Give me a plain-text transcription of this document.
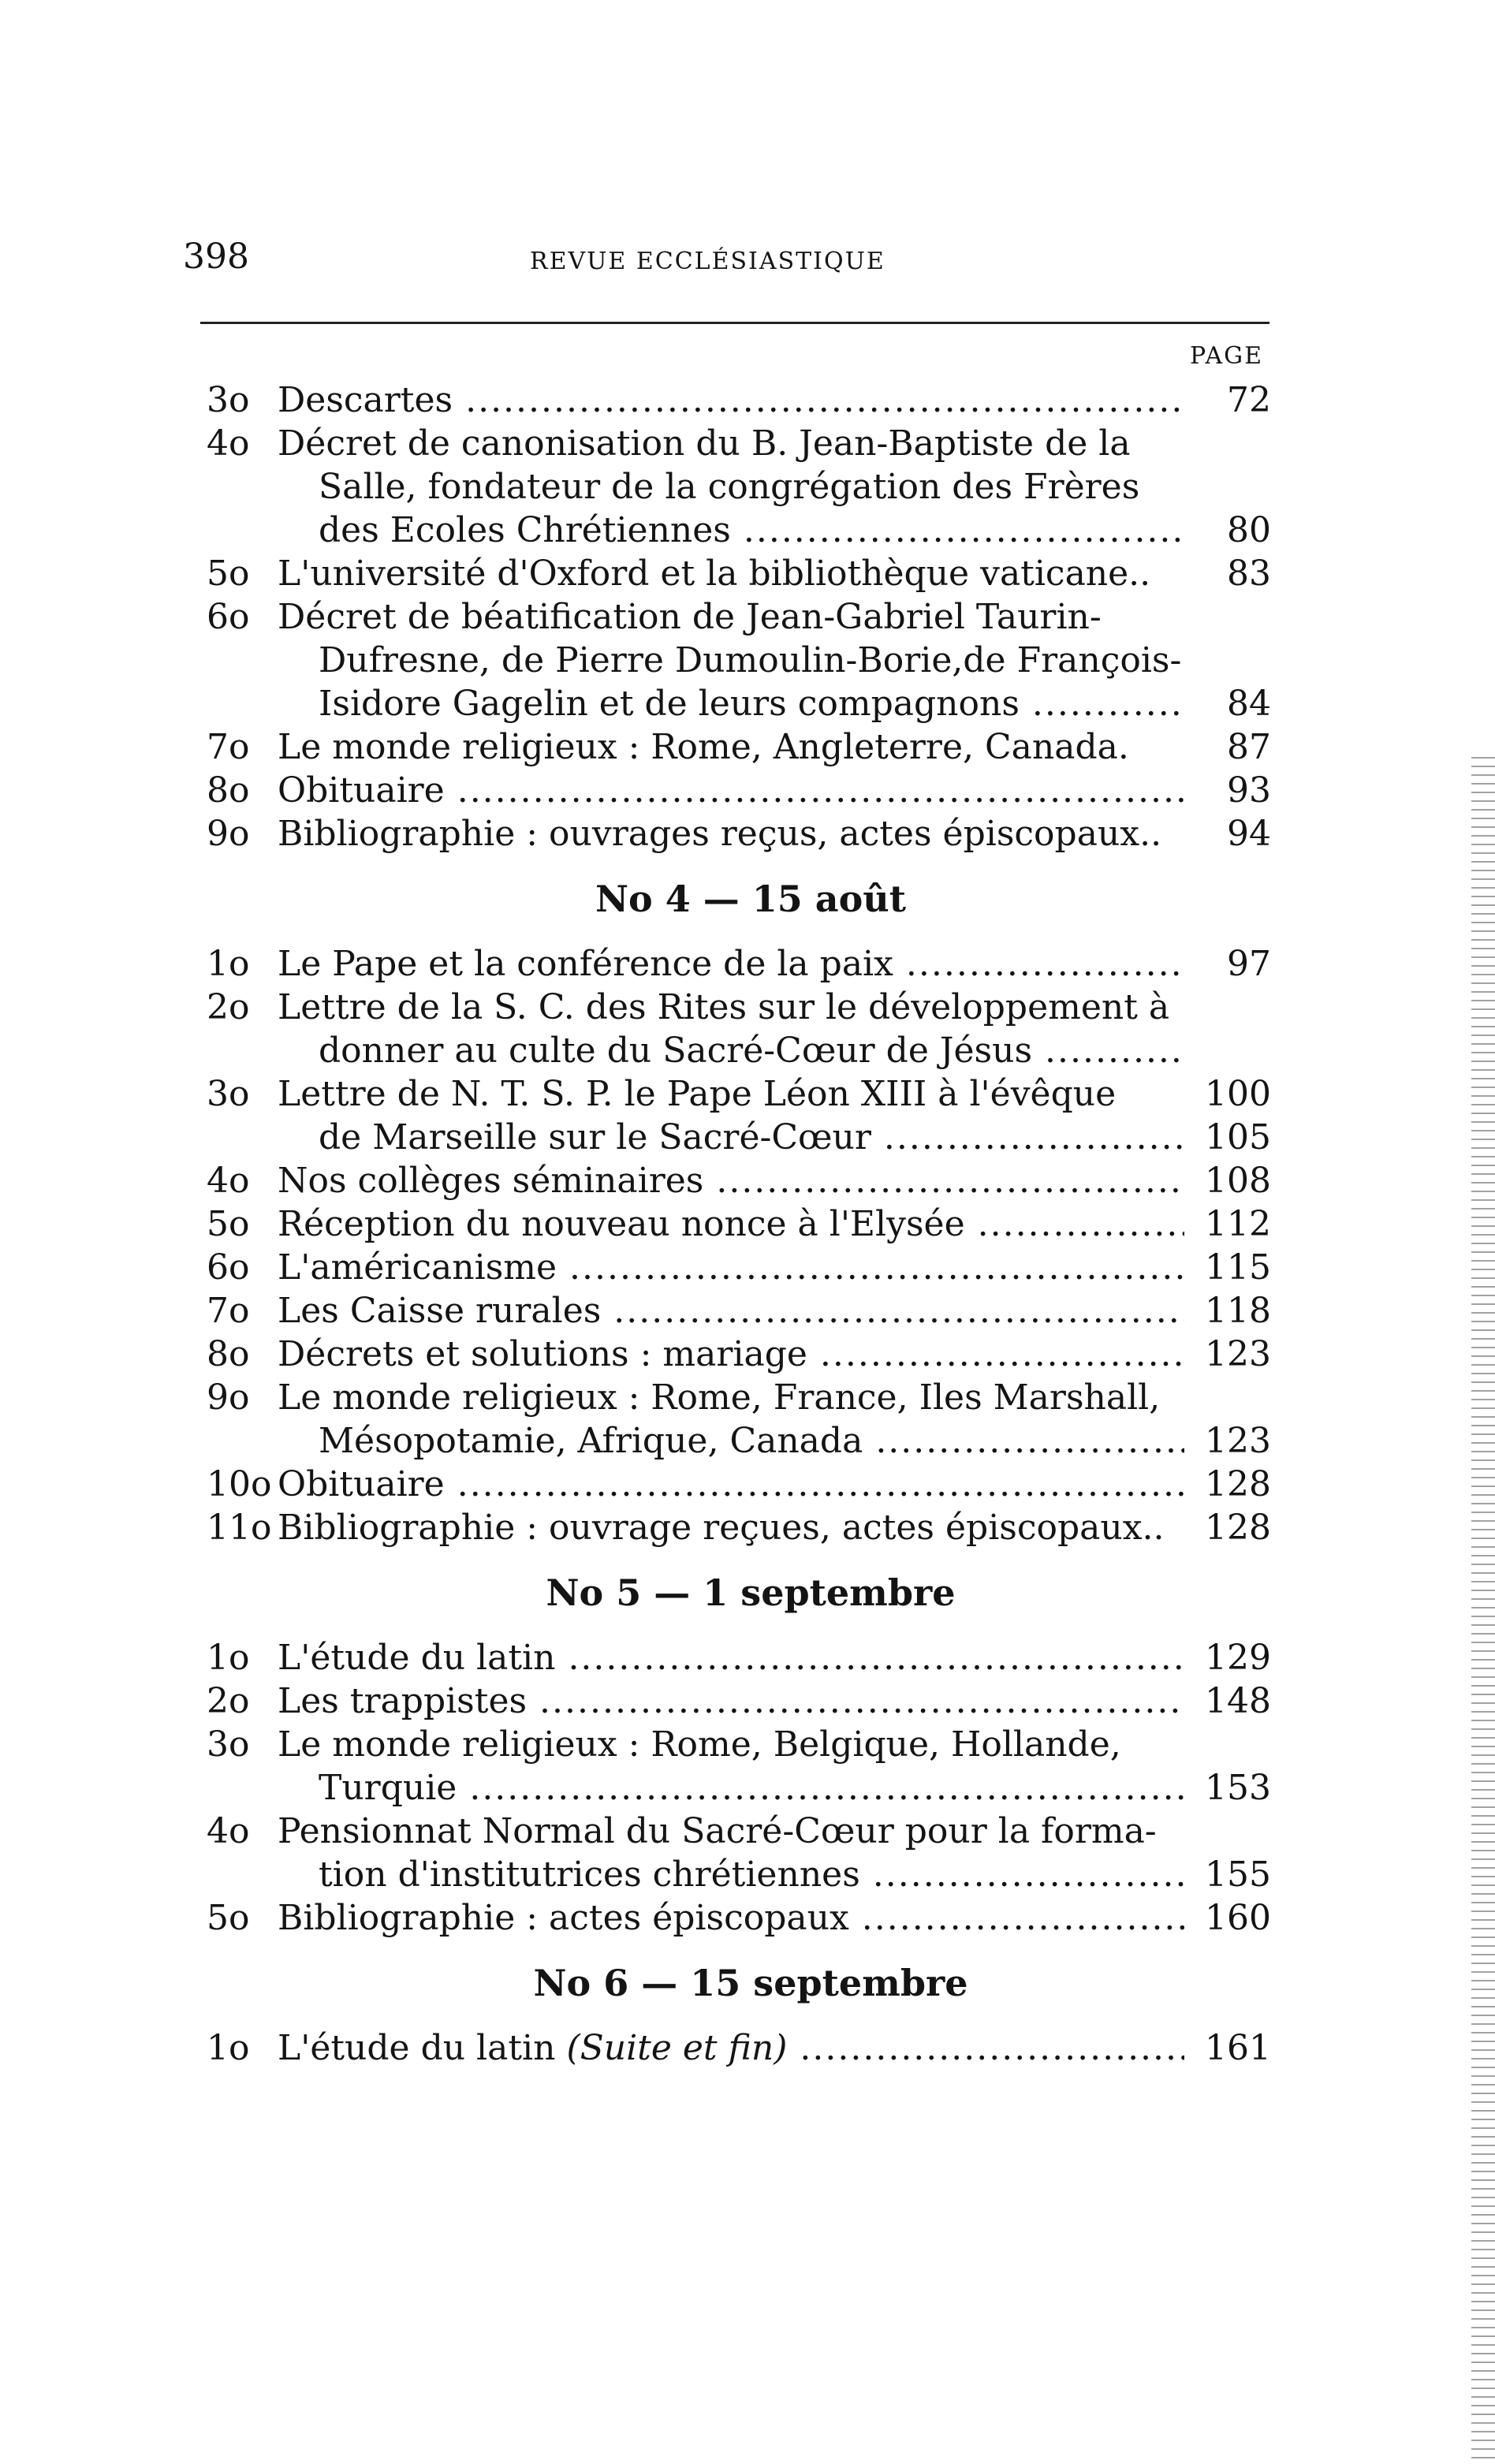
398	REVUE ECCLÉSIASTIQUE
PAGE
3o Descartes .....	72
4o Décret de canonisation du B. Jean-Baptiste de la
Salle, fondateur de la congrégation des Frères
des Ecoles Chrétiennes .....	80
5o L'université d'Oxford et la bibliothèque vaticane..	83
6o Décret de béatification de Jean-Gabriel Taurin-
Dufresne, de Pierre Dumoulin-Borie,de François-
Isidore Gagelin et de leurs compagnons .....	84
7o Le monde religieux : Rome, Angleterre, Canada.	87
8o Obituaire .....	93
9o Bibliographie : ouvrages reçus, actes épiscopaux..	94
No 4 — 15 août
1o Le Pape et la conférence de la paix .....	97
2o Lettre de la S. C. des Rites sur le développement à
donner au culte du Sacré-Cœur de Jésus .....
3o Lettre de N. T. S. P. le Pape Léon XIII à l'évêque	100
de Marseille sur le Sacré-Cœur .....	105
4o Nos collèges séminaires .....	108
5o Réception du nouveau nonce à l'Elysée .....	112
6o L'américanisme .....	115
7o Les Caisse rurales .....	118
8o Décrets et solutions : mariage .....	123
9o Le monde religieux : Rome, France, Iles Marshall,
Mésopotamie, Afrique, Canada .....	123
10o Obituaire .....	128
11o Bibliographie : ouvrage reçues, actes épiscopaux..	128
No 5 — 1 septembre
1o L'étude du latin .....	129
2o Les trappistes .....	148
3o Le monde religieux : Rome, Belgique, Hollande,
Turquie .....	153
4o Pensionnat Normal du Sacré-Cœur pour la forma-
tion d'institutrices chrétiennes .....	155
5o Bibliographie : actes épiscopaux .....	160
No 6 — 15 septembre
1o L'étude du latin (Suite et fin) .....	161
